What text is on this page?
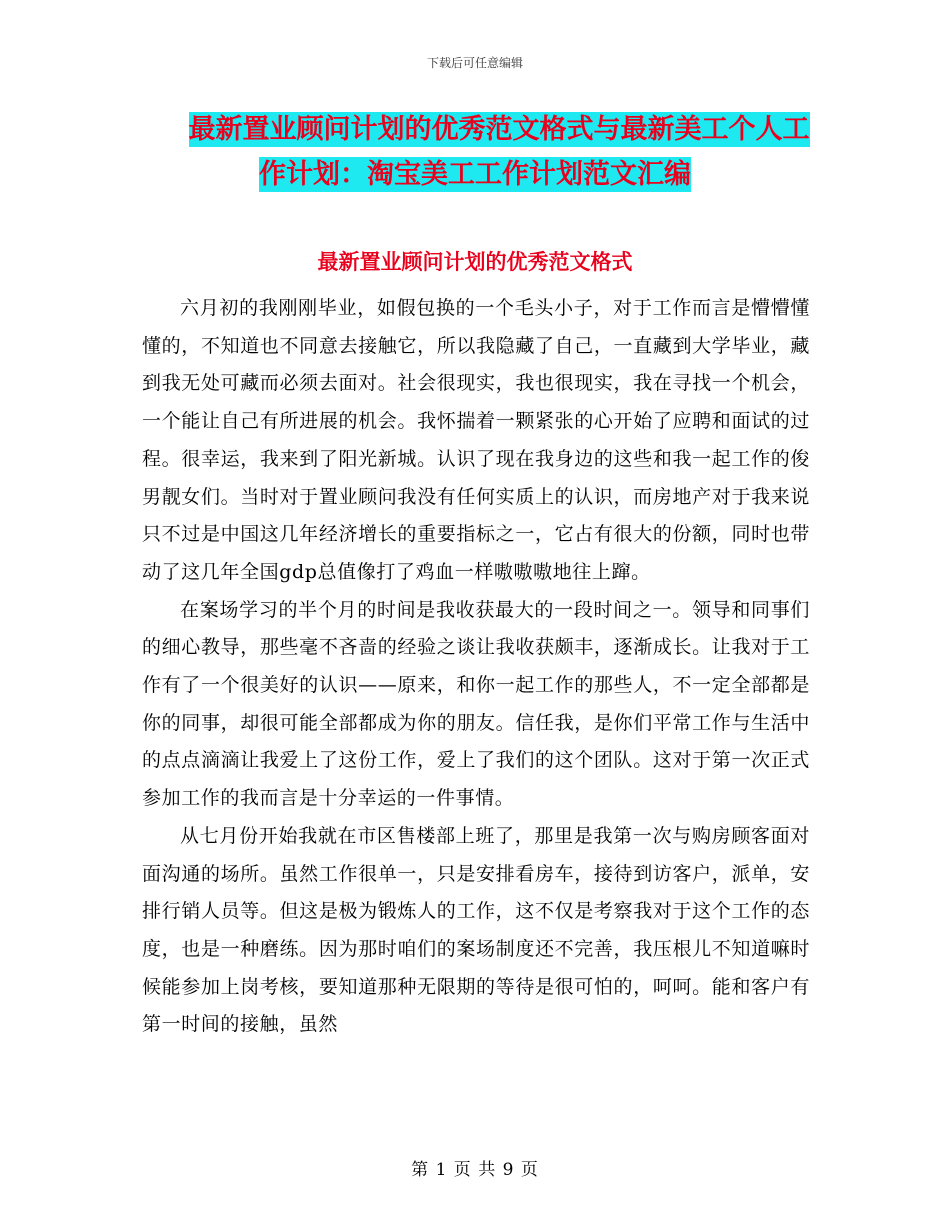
下载后可任意编辑
最新置业顾问计划的优秀范文格式与最新美工个人工
作计划：淘宝美工工作计划范文汇编
最新置业顾问计划的优秀范文格式

六月初的我刚刚毕业，如假包换的一个毛头小子，对于工作而言是懵懵懂懂的，不知道也不同意去接触它，所以我隐藏了自己，一直藏到大学毕业，藏到我无处可藏而必须去面对。社会很现实，我也很现实，我在寻找一个机会，一个能让自己有所进展的机会。我怀揣着一颗紧张的心开始了应聘和面试的过程。很幸运，我来到了阳光新城。认识了现在我身边的这些和我一起工作的俊男靓女们。当时对于置业顾问我没有任何实质上的认识，而房地产对于我来说只不过是中国这几年经济增长的重要指标之一，它占有很大的份额，同时也带动了这几年全国gdp总值像打了鸡血一样嗷嗷嗷地往上蹿。

在案场学习的半个月的时间是我收获最大的一段时间之一。领导和同事们的细心教导，那些毫不吝啬的经验之谈让我收获颇丰，逐渐成长。让我对于工作有了一个很美好的认识——原来，和你一起工作的那些人，不一定全部都是你的同事，却很可能全部都成为你的朋友。信任我，是你们平常工作与生活中的点点滴滴让我爱上了这份工作，爱上了我们的这个团队。这对于第一次正式参加工作的我而言是十分幸运的一件事情。

从七月份开始我就在市区售楼部上班了，那里是我第一次与购房顾客面对面沟通的场所。虽然工作很单一，只是安排看房车，接待到访客户，派单，安排行销人员等。但这是极为锻炼人的工作，这不仅是考察我对于这个工作的态度，也是一种磨练。因为那时咱们的案场制度还不完善，我压根儿不知道嘛时候能参加上岗考核，要知道那种无限期的等待是很可怕的，呵呵。能和客户有第一时间的接触，虽然

第 1 页 共 9 页
